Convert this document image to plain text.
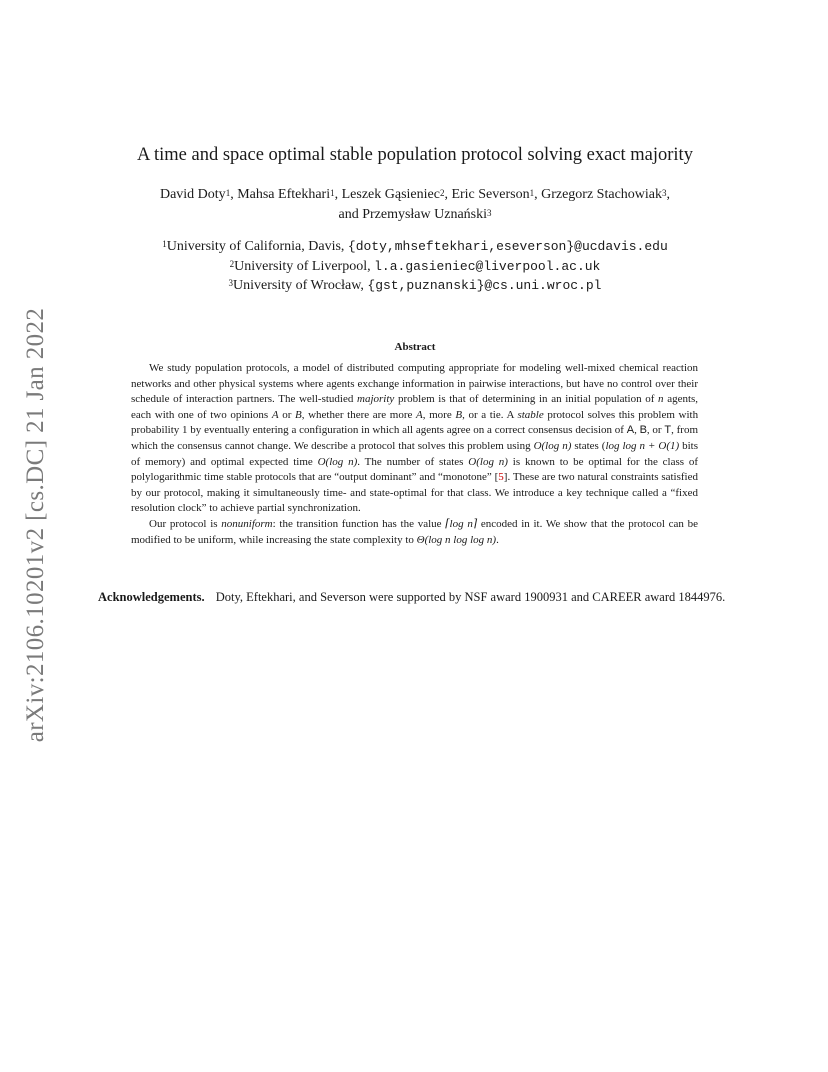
arXiv:2106.10201v2 [cs.DC] 21 Jan 2022
A time and space optimal stable population protocol solving exact majority
David Doty$^1$, Mahsa Eftekhari$^1$, Leszek Gąsieniec$^2$, Eric Severson$^1$, Grzegorz Stachowiak$^3$,
and Przemysław Uznański$^3$
$^1$University of California, Davis, {doty,mhseftekhari,eseverson}@ucdavis.edu
$^2$University of Liverpool, l.a.gasieniec@liverpool.ac.uk
$^3$University of Wrocław, {gst,puznanski}@cs.uni.wroc.pl
Abstract

We study population protocols, a model of distributed computing appropriate for modeling well-mixed chemical reaction networks and other physical systems where agents exchange information in pairwise interactions, but have no control over their schedule of interaction partners. The well-studied majority problem is that of determining in an initial population of n agents, each with one of two opinions A or B, whether there are more A, more B, or a tie. A stable protocol solves this problem with probability 1 by eventually entering a configuration in which all agents agree on a correct consensus decision of A, B, or T, from which the consensus cannot change. We describe a protocol that solves this problem using O(log n) states (log log n + O(1) bits of memory) and optimal expected time O(log n). The number of states O(log n) is known to be optimal for the class of polylogarithmic time stable protocols that are “output dominant” and “monotone” [5]. These are two natural constraints satisfied by our protocol, making it simultaneously time- and state-optimal for that class. We introduce a key technique called a “fixed resolution clock” to achieve partial synchronization.

Our protocol is nonuniform: the transition function has the value ⌈log n⌉ encoded in it. We show that the protocol can be modified to be uniform, while increasing the state complexity to Θ(log n log log n).

Acknowledgements. Doty, Eftekhari, and Severson were supported by NSF award 1900931 and CAREER award 1844976.
